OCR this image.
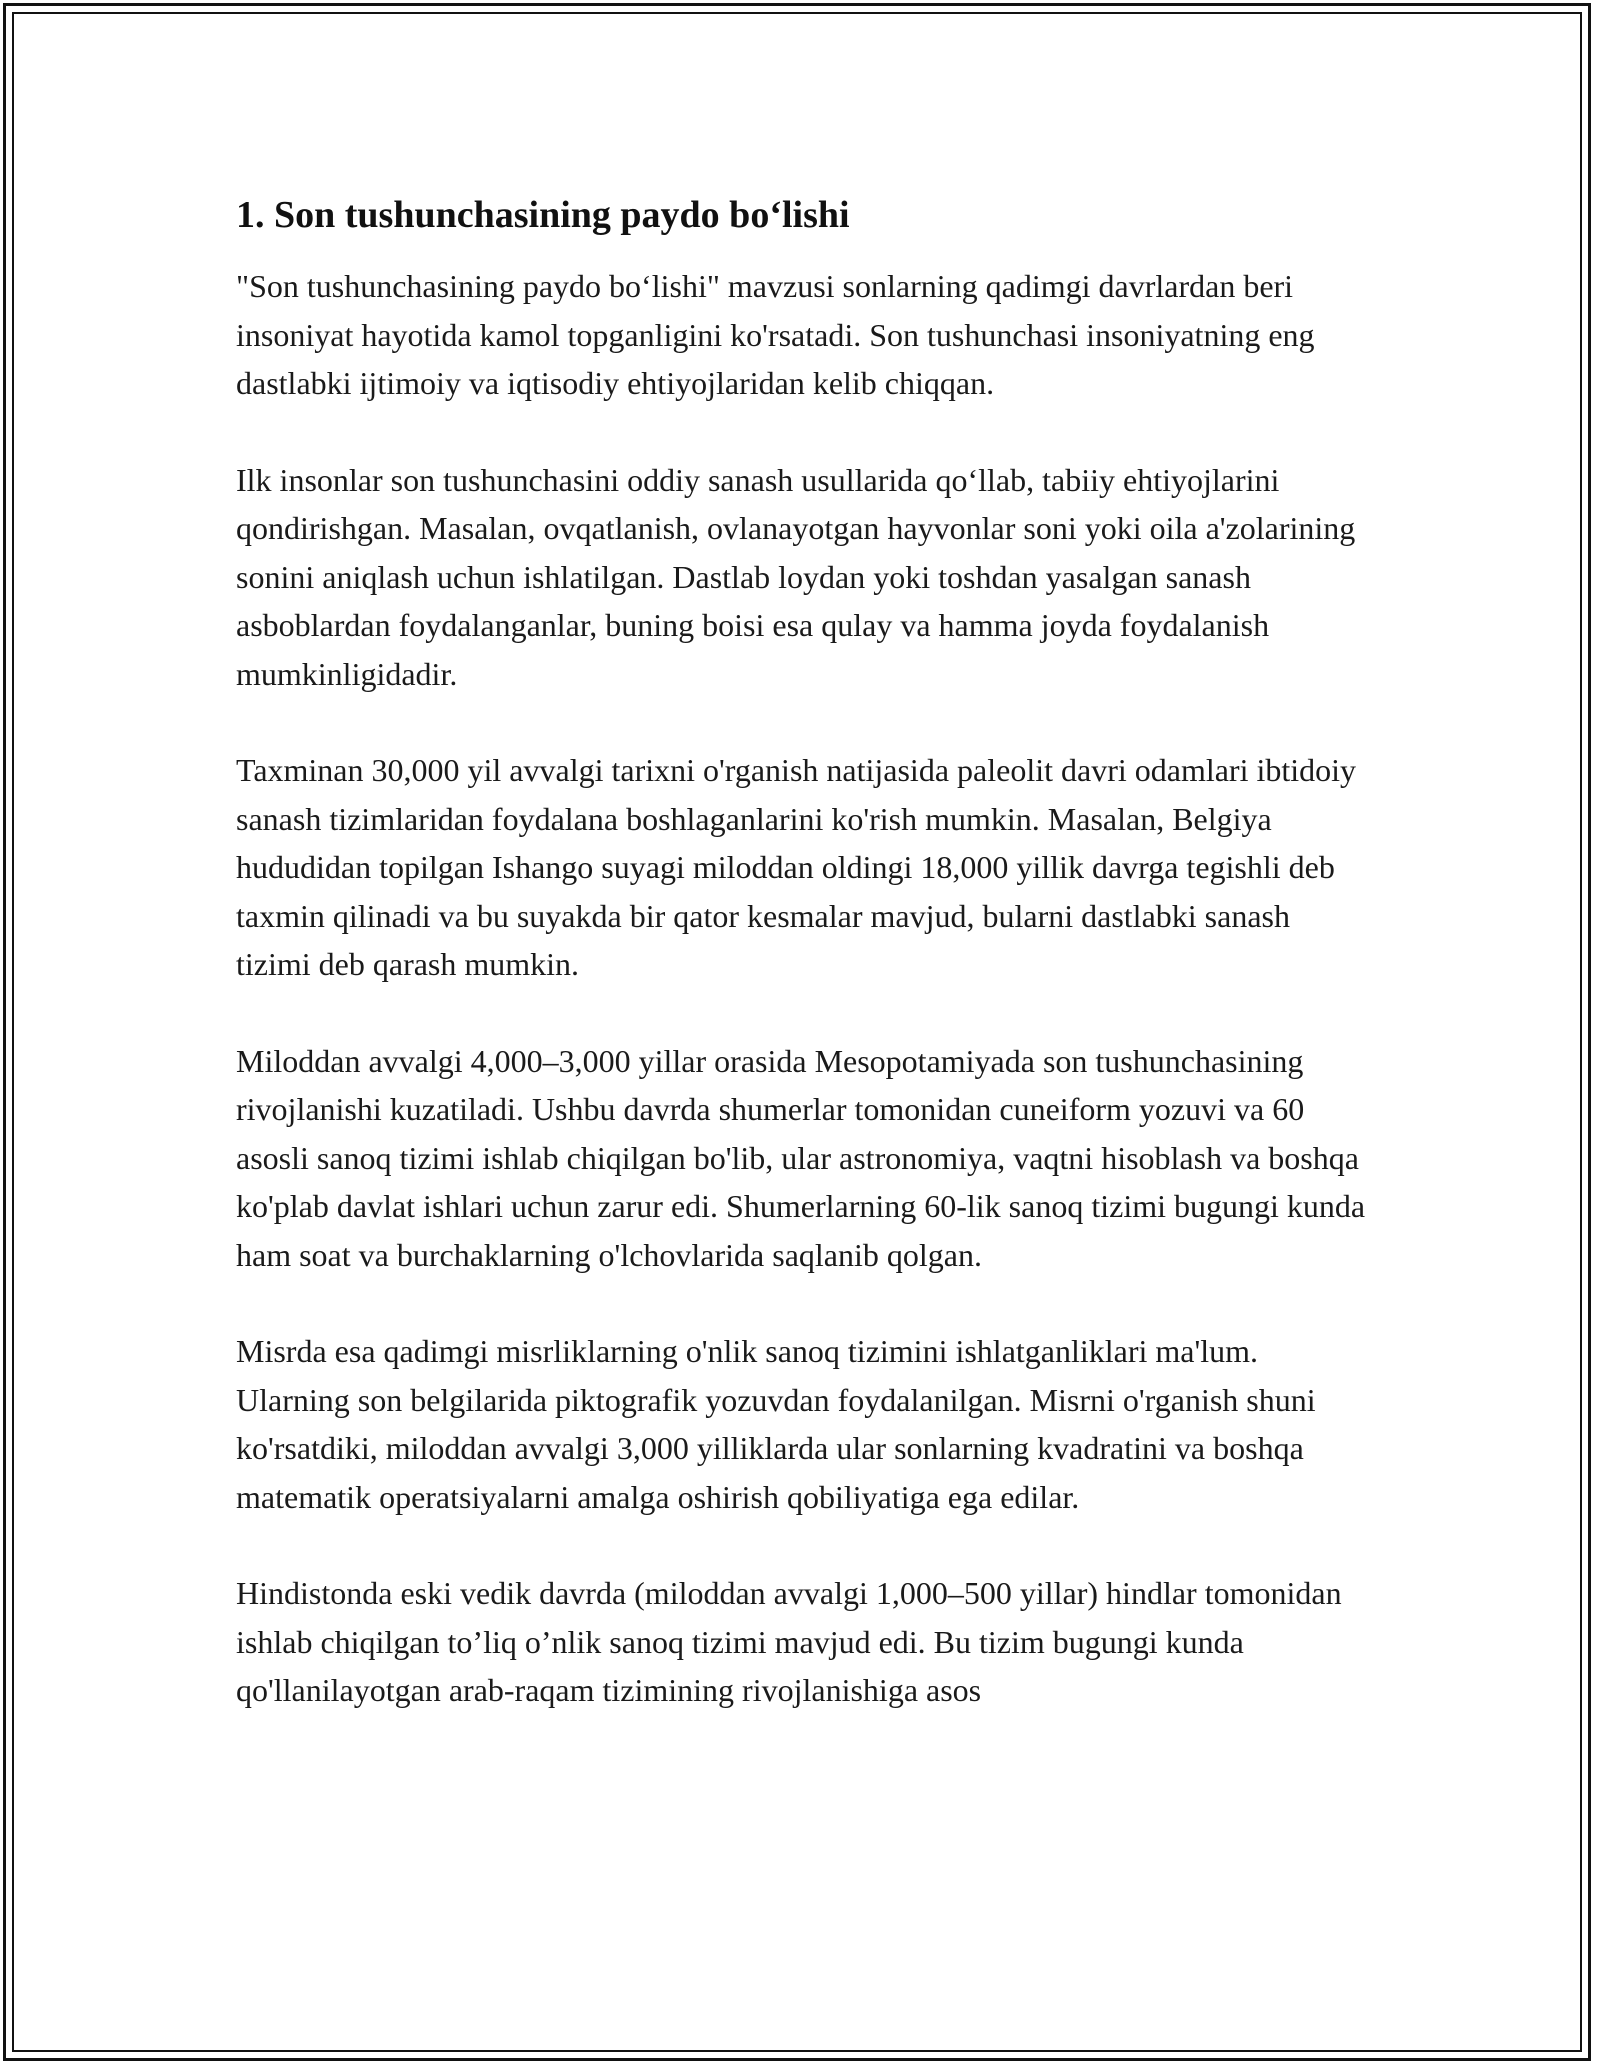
1. Son tushunchasining paydo bo‘lishi

"Son tushunchasining paydo bo‘lishi" mavzusi sonlarning qadimgi davrlardan beri insoniyat hayotida kamol topganligini ko'rsatadi. Son tushunchasi insoniyatning eng dastlabki ijtimoiy va iqtisodiy ehtiyojlaridan kelib chiqqan.

Ilk insonlar son tushunchasini oddiy sanash usullarida qo‘llab, tabiiy ehtiyojlarini qondirishgan. Masalan, ovqatlanish, ovlanayotgan hayvonlar soni yoki oila a'zolarining sonini aniqlash uchun ishlatilgan. Dastlab loydan yoki toshdan yasalgan sanash asboblardan foydalanganlar, buning boisi esa qulay va hamma joyda foydalanish mumkinligidadir.

Taxminan 30,000 yil avvalgi tarixni o'rganish natijasida paleolit davri odamlari ibtidoiy sanash tizimlaridan foydalana boshlaganlarini ko'rish mumkin. Masalan, Belgiya hududidan topilgan Ishango suyagi miloddan oldingi 18,000 yillik davrga tegishli deb taxmin qilinadi va bu suyakda bir qator kesmalar mavjud, bularni dastlabki sanash tizimi deb qarash mumkin.

Miloddan avvalgi 4,000–3,000 yillar orasida Mesopotamiyada son tushunchasining rivojlanishi kuzatiladi. Ushbu davrda shumerlar tomonidan cuneiform yozuvi va 60 asosli sanoq tizimi ishlab chiqilgan bo'lib, ular astronomiya, vaqtni hisoblash va boshqa ko'plab davlat ishlari uchun zarur edi. Shumerlarning 60-lik sanoq tizimi bugungi kunda ham soat va burchaklarning o'lchovlarida saqlanib qolgan.

Misrda esa qadimgi misrliklarning o'nlik sanoq tizimini ishlatganliklari ma'lum. Ularning son belgilarida piktografik yozuvdan foydalanilgan. Misrni o'rganish shuni ko'rsatdiki, miloddan avvalgi 3,000 yilliklarda ular sonlarning kvadratini va boshqa matematik operatsiyalarni amalga oshirish qobiliyatiga ega edilar.

Hindistonda eski vedik davrda (miloddan avvalgi 1,000–500 yillar) hindlar tomonidan ishlab chiqilgan to’liq o’nlik sanoq tizimi mavjud edi. Bu tizim bugungi kunda qo'llanilayotgan arab-raqam tizimining rivojlanishiga asos
